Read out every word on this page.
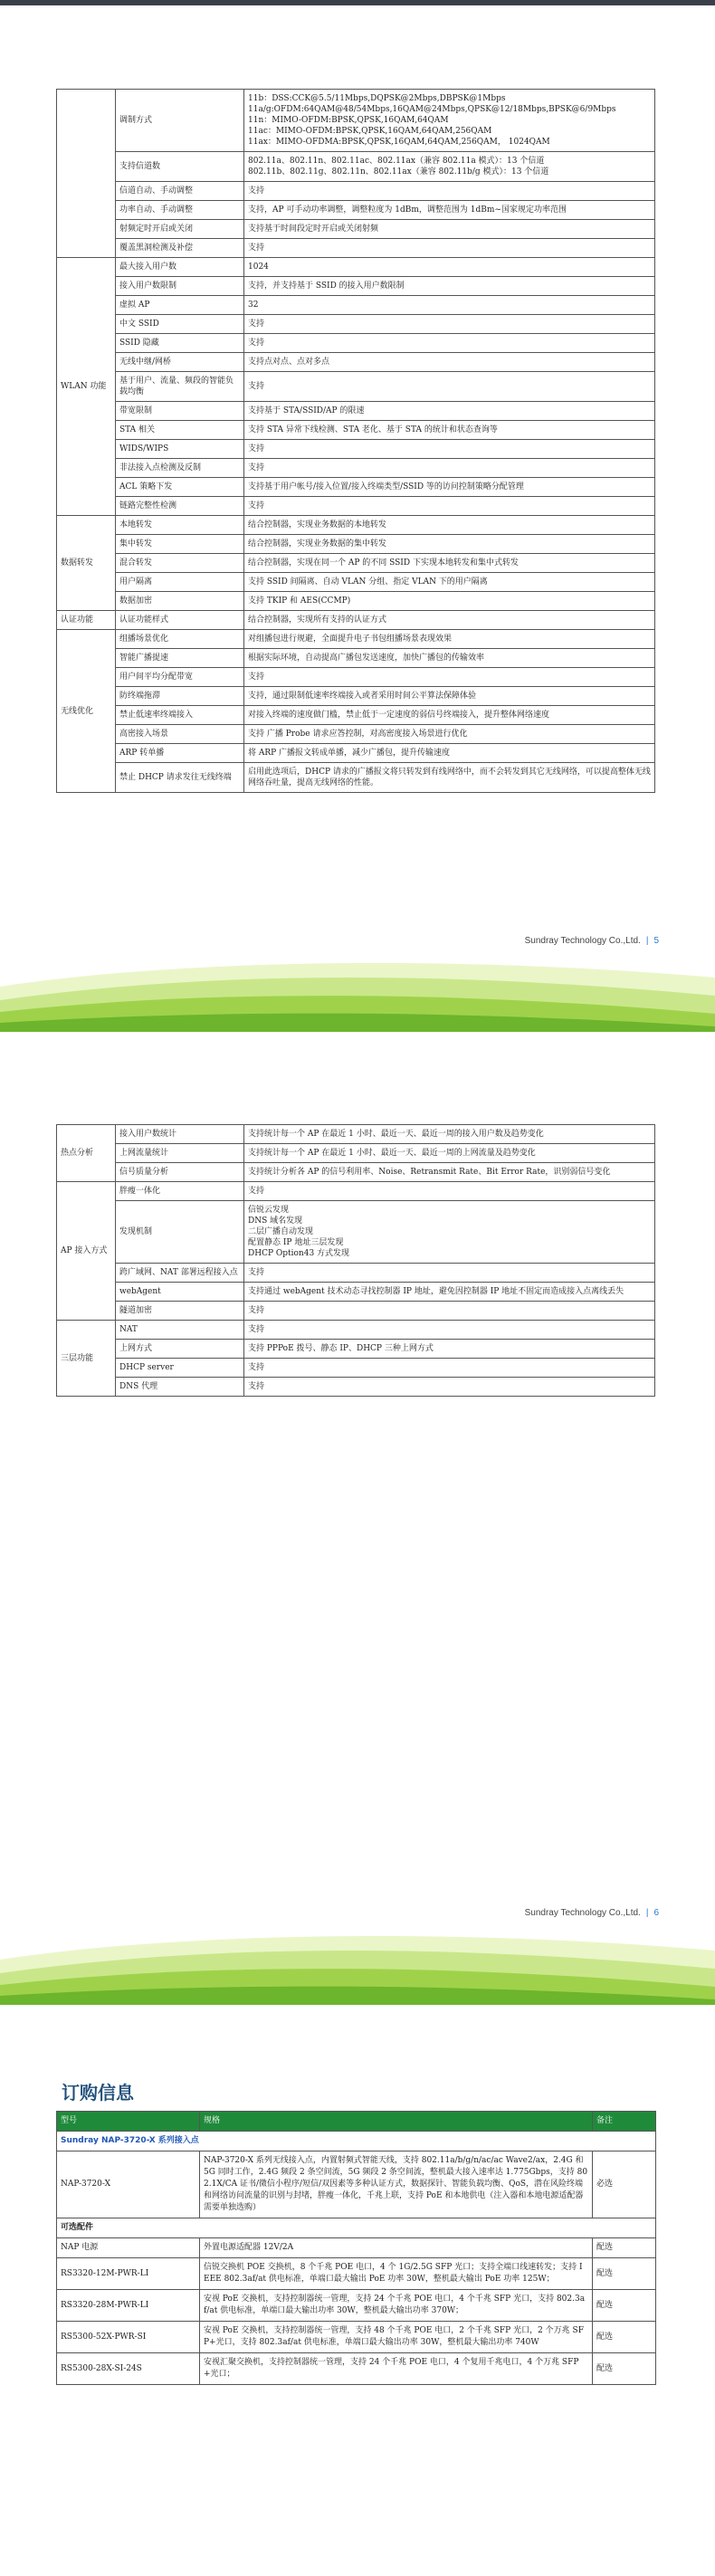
	调制方式	11b：DSS:CCK@5.5/11Mbps,DQPSK@2Mbps,DBPSK@1Mbps
11a/g:OFDM:64QAM@48/54Mbps,16QAM@24Mbps,QPSK@12/18Mbps,BPSK@6/9Mbps
11n：MIMO-OFDM:BPSK,QPSK,16QAM,64QAM
11ac：MIMO-OFDM:BPSK,QPSK,16QAM,64QAM,256QAM
11ax：MIMO-OFDMA:BPSK,QPSK,16QAM,64QAM,256QAM， 1024QAM
	支持信道数	802.11a、802.11n、802.11ac、802.11ax（兼容 802.11a 模式）：13 个信道
802.11b、802.11g、802.11n、802.11ax（兼容 802.11b/g 模式）：13 个信道
	信道自动、手动调整	支持
	功率自动、手动调整	支持，AP 可手动功率调整，调整粒度为 1dBm，调整范围为 1dBm~国家规定功率范围
	射频定时开启或关闭	支持基于时间段定时开启或关闭射频
	覆盖黑洞检测及补偿	支持
WLAN 功能	最大接入用户数	1024
	接入用户数限制	支持，并支持基于 SSID 的接入用户数限制
	虚拟 AP	32
	中文 SSID	支持
	SSID 隐藏	支持
	无线中继/网桥	支持点对点、点对多点
	基于用户、流量、频段的智能负载均衡	支持
	带宽限制	支持基于 STA/SSID/AP 的限速
	STA 相关	支持 STA 异常下线检测、STA 老化、基于 STA 的统计和状态查询等
	WIDS/WIPS	支持
	非法接入点检测及反制	支持
	ACL 策略下发	支持基于用户帐号/接入位置/接入终端类型/SSID 等的访问控制策略分配管理
	链路完整性检测	支持
数据转发	本地转发	结合控制器，实现业务数据的本地转发
	集中转发	结合控制器，实现业务数据的集中转发
	混合转发	结合控制器，实现在同一个 AP 的不同 SSID 下实现本地转发和集中式转发
	用户隔离	支持 SSID 间隔离、自动 VLAN 分组、指定 VLAN 下的用户隔离
	数据加密	支持 TKIP 和 AES(CCMP)
认证功能	认证功能样式	结合控制器，实现所有支持的认证方式
无线优化	组播场景优化	对组播包进行规避，全面提升电子书包组播场景表现效果
	智能广播提速	根据实际环境，自动提高广播包发送速度，加快广播包的传输效率
	用户间平均分配带宽	支持
	防终端拖滞	支持，通过限制低速率终端接入或者采用时间公平算法保障体验
	禁止低速率终端接入	对接入终端的速度做门槛，禁止低于一定速度的弱信号终端接入，提升整体网络速度
	高密接入场景	支持 广播 Probe 请求应答控制，对高密度接入场景进行优化
	ARP 转单播	将 ARP 广播报文转成单播，减少广播包，提升传输速度
	禁止 DHCP 请求发往无线终端	启用此选项后，DHCP 请求的广播报文将只转发到有线网络中，而不会转发到其它无线网络，可以提高整体无线网络吞吐量，提高无线网络的性能。
Sundray Technology Co.,Ltd. | 5
热点分析	接入用户数统计	支持统计每一个 AP 在最近 1 小时、最近一天、最近一周的接入用户数及趋势变化
	上网流量统计	支持统计每一个 AP 在最近 1 小时、最近一天、最近一周的上网流量及趋势变化
	信号质量分析	支持统计分析各 AP 的信号利用率、Noise、Retransmit Rate、Bit Error Rate，识别弱信号变化
AP 接入方式	胖瘦一体化	支持
	发现机制	信锐云发现
DNS 域名发现
二层广播自动发现
配置静态 IP 地址三层发现
DHCP Option43 方式发现
	跨广域网、NAT 部署远程接入点	支持
	webAgent	支持通过 webAgent 技术动态寻找控制器 IP 地址，避免因控制器 IP 地址不固定而造成接入点离线丢失
	隧道加密	支持
三层功能	NAT	支持
	上网方式	支持 PPPoE 拨号、静态 IP、DHCP 三种上网方式
	DHCP server	支持
	DNS 代理	支持
Sundray Technology Co.,Ltd. | 6
订购信息
型号	规格	备注
Sundray NAP-3720-X 系列接入点		
NAP-3720-X	NAP-3720-X 系列无线接入点，内置射频式智能天线，支持 802.11a/b/g/n/ac/ac Wave2/ax，2.4G 和 5G 同时工作，2.4G 频段 2 条空间流，5G 频段 2 条空间流，整机最大接入速率达 1.775Gbps，支持 802.1X/CA 证书/微信小程序/短信/双因素等多种认证方式，数据探针、智能负载均衡、QoS，潜在风险终端和网络访问流量的识别与封堵，胖瘦一体化，千兆上联，支持 PoE 和本地供电（注入器和本地电源适配器需要单独选购）	必选
可选配件		
NAP 电源	外置电源适配器 12V/2A	配选
RS3320-12M-PWR-LI	信锐交换机 POE 交换机，8 个千兆 POE 电口，4 个 1G/2.5G SFP 光口；支持全端口线速转发；支持 IEEE 802.3af/at 供电标准，单端口最大输出 PoE 功率 30W，整机最大输出 PoE 功率 125W；	配选
RS3320-28M-PWR-LI	安视 PoE 交换机，支持控制器统一管理，支持 24 个千兆 POE 电口，4 个千兆 SFP 光口，支持 802.3af/at 供电标准，单端口最大输出功率 30W，整机最大输出功率 370W；	配选
RS5300-52X-PWR-SI	安视 PoE 交换机，支持控制器统一管理，支持 48 个千兆 POE 电口，2 个千兆 SFP 光口，2 个万兆 SFP+光口，支持 802.3af/at 供电标准，单端口最大输出功率 30W，整机最大输出功率 740W	配选
RS5300-28X-SI-24S	安视汇聚交换机，支持控制器统一管理，支持 24 个千兆 POE 电口，4 个复用千兆电口，4 个万兆 SFP+光口；	配选
